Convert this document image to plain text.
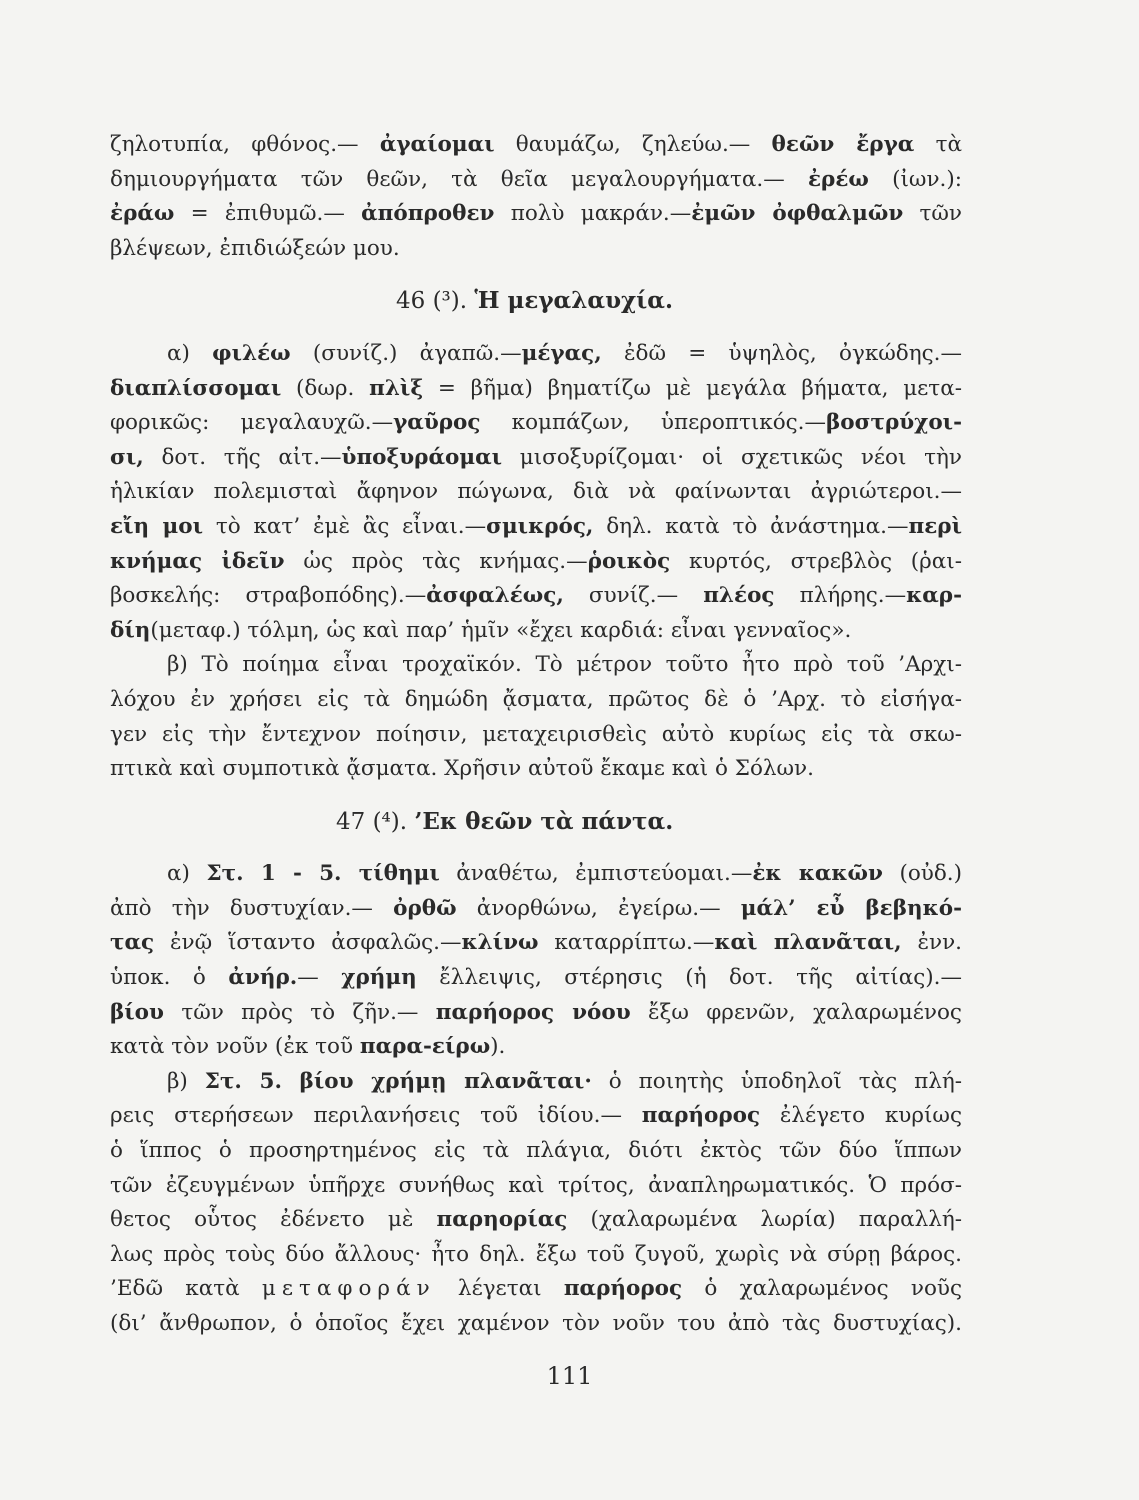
ζηλοτυπία, φθόνος.— ἀγαίομαι θαυμάζω, ζηλεύω.— θεῶν ἔργα τὰ
δημιουργήματα τῶν θεῶν, τὰ θεῖα μεγαλουργήματα.— ἐρέω (ἰων.):
ἐράω = ἐπιθυμῶ.— ἀπόπροθεν πολὺ μακράν.—ἐμῶν ὀφθαλμῶν τῶν
βλέψεων, ἐπιδιώξεών μου.
46 (³). Ἡ μεγαλαυχία.
α) φιλέω (συνίζ.) ἀγαπῶ.—μέγας, ἐδῶ = ὑψηλὸς, ὀγκώδης.—
διαπλίσσομαι (δωρ. πλὶξ = βῆμα) βηματίζω μὲ μεγάλα βήματα, μετα-
φορικῶς: μεγαλαυχῶ.—γαῦρος κομπάζων, ὑπεροπτικός.—βοστρύχοι-
σι, δοτ. τῆς αἰτ.—ὑποξυράομαι μισοξυρίζομαι· οἱ σχετικῶς νέοι τὴν
ἡλικίαν πολεμισταὶ ἄφηνον πώγωνα, διὰ νὰ φαίνωνται ἀγριώτεροι.—
εἴη μοι τὸ κατ’ ἐμὲ ἂς εἶναι.—σμικρός, δηλ. κατὰ τὸ ἀνάστημα.—περὶ
κνήμας ἰδεῖν ὡς πρὸς τὰς κνήμας.—ῥοικὸς κυρτός, στρεβλὸς (ῥαι-
βοσκελής: στραβοπόδης).—ἀσφαλέως, συνίζ.— πλέος πλήρης.—καρ-
δίη(μεταφ.) τόλμη, ὡς καὶ παρ’ ἡμῖν «ἔχει καρδιά: εἶναι γενναῖος».
β) Τὸ ποίημα εἶναι τροχαϊκόν. Τὸ μέτρον τοῦτο ἦτο πρὸ τοῦ ’Αρχι-
λόχου ἐν χρήσει εἰς τὰ δημώδη ᾄσματα, πρῶτος δὲ ὁ ’Αρχ. τὸ εἰσήγα-
γεν εἰς τὴν ἔντεχνον ποίησιν, μεταχειρισθεὶς αὐτὸ κυρίως εἰς τὰ σκω-
πτικὰ καὶ συμποτικὰ ᾄσματα. Χρῆσιν αὐτοῦ ἔκαμε καὶ ὁ Σόλων.
47 (⁴). ’Εκ θεῶν τὰ πάντα.
α) Στ. 1 - 5. τίθημι ἀναθέτω, ἐμπιστεύομαι.—ἐκ κακῶν (οὐδ.)
ἀπὸ τὴν δυστυχίαν.— ὀρθῶ ἀνορθώνω, ἐγείρω.— μάλ’ εὖ βεβηκό-
τας ἐνῷ ἵσταντο ἀσφαλῶς.—κλίνω καταρρίπτω.—καὶ πλανᾶται, ἐνν.
ὑποκ. ὁ ἀνήρ.— χρήμη ἔλλειψις, στέρησις (ἡ δοτ. τῆς αἰτίας).—
βίου τῶν πρὸς τὸ ζῆν.— παρήορος νόου ἔξω φρενῶν, χαλαρωμένος
κατὰ τὸν νοῦν (ἐκ τοῦ παρα-είρω).
β) Στ. 5. βίου χρήμῃ πλανᾶται· ὁ ποιητὴς ὑποδηλοῖ τὰς πλή-
ρεις στερήσεων περιλανήσεις τοῦ ἰδίου.— παρήορος ἐλέγετο κυρίως
ὁ ἵππος ὁ προσηρτημένος εἰς τὰ πλάγια, διότι ἐκτὸς τῶν δύο ἵππων
τῶν ἐζευγμένων ὑπῆρχε συνήθως καὶ τρίτος, ἀναπληρωματικός. Ὁ πρόσ-
θετος οὗτος ἐδένετο μὲ παρηορίας (χαλαρωμένα λωρία) παραλλή-
λως πρὸς τοὺς δύο ἄλλους· ἦτο δηλ. ἔξω τοῦ ζυγοῦ, χωρὶς νὰ σύρῃ βάρος.
’Εδῶ κατὰ μεταφοράν λέγεται παρήορος ὁ χαλαρωμένος νοῦς
(δι’ ἄνθρωπον, ὁ ὁποῖος ἔχει χαμένον τὸν νοῦν του ἀπὸ τὰς δυστυχίας).
111
